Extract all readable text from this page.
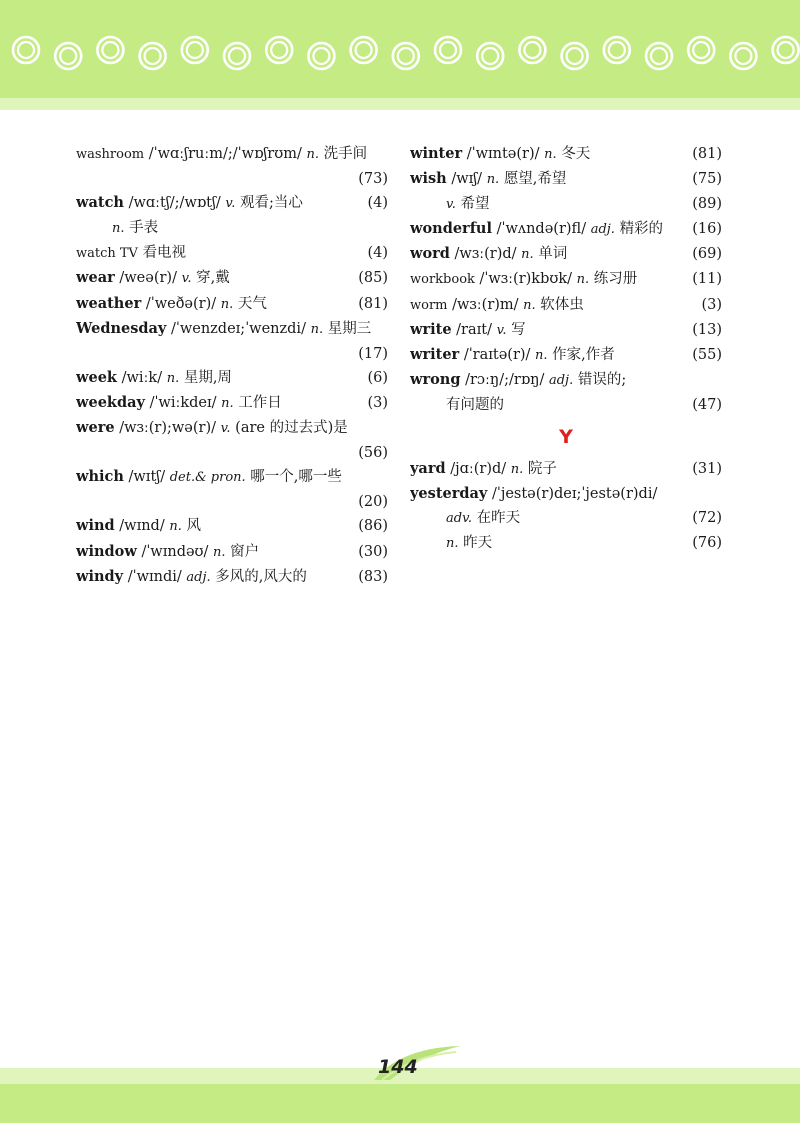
washroom /ˈwɑːʃruːm/;/ˈwɒʃrʊm/ n. 洗手间
(73)
watch /wɑːtʃ/;/wɒtʃ/ v. 观看;当心	(4)
n. 手表
watch TV 看电视	(4)
wear /weə(r)/ v. 穿,戴	(85)
weather /ˈweðə(r)/ n. 天气	(81)
Wednesday /ˈwenzdeɪ;ˈwenzdi/ n. 星期三
(17)
week /wiːk/ n. 星期,周	(6)
weekday /ˈwiːkdeɪ/ n. 工作日	(3)
were /wɜː(r);wə(r)/ v. (are 的过去式)是
(56)
which /wɪtʃ/ det.& pron. 哪一个,哪一些
(20)
wind /wɪnd/ n. 风	(86)
window /ˈwɪndəʊ/ n. 窗户	(30)
windy /ˈwɪndi/ adj. 多风的,风大的	(83)
winter /ˈwɪntə(r)/ n. 冬天	(81)
wish /wɪʃ/ n. 愿望,希望	(75)
v. 希望	(89)
wonderful /ˈwʌndə(r)fl/ adj. 精彩的	(16)
word /wɜː(r)d/ n. 单词	(69)
workbook /ˈwɜː(r)kbʊk/ n. 练习册	(11)
worm /wɜː(r)m/ n. 软体虫	(3)
write /raɪt/ v. 写	(13)
writer /ˈraɪtə(r)/ n. 作家,作者	(55)
wrong /rɔːŋ/;/rɒŋ/ adj. 错误的;
有问题的	(47)
Y
yard /jɑː(r)d/ n. 院子	(31)
yesterday /ˈjestə(r)deɪ;ˈjestə(r)di/
adv. 在昨天	(72)
n. 昨天	(76)
144
